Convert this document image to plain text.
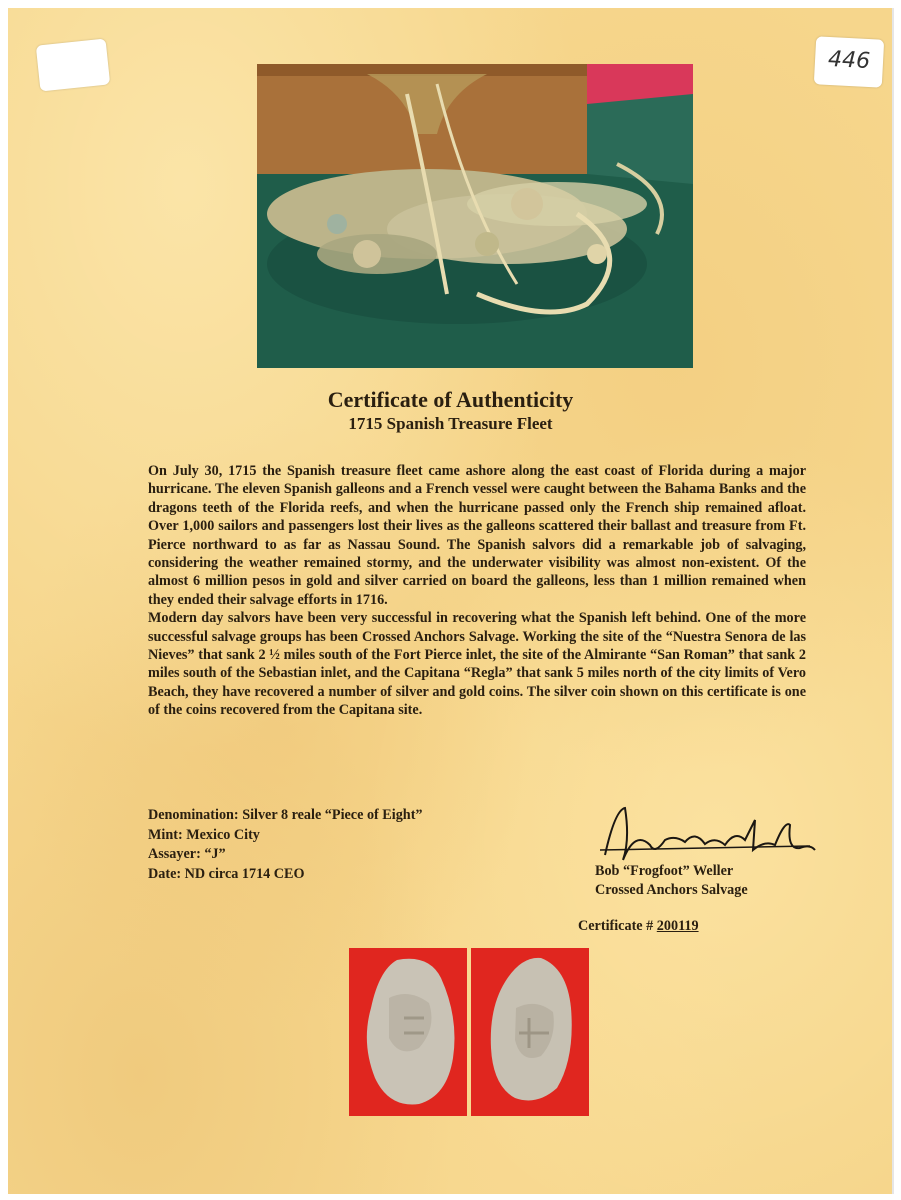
446
Certificate of Authenticity
1715 Spanish Treasure Fleet

On July 30, 1715 the Spanish treasure fleet came ashore along the east coast of Florida during a major hurricane. The eleven Spanish galleons and a French vessel were caught between the Bahama Banks and the dragons teeth of the Florida reefs, and when the hurricane passed only the French ship remained afloat. Over 1,000 sailors and passengers lost their lives as the galleons scattered their ballast and treasure from Ft. Pierce northward to as far as Nassau Sound. The Spanish salvors did a remarkable job of salvaging, considering the weather remained stormy, and the underwater visibility was almost non-existent. Of the almost 6 million pesos in gold and silver carried on board the galleons, less than 1 million remained when they ended their salvage efforts in 1716.

Modern day salvors have been very successful in recovering what the Spanish left behind. One of the more successful salvage groups has been Crossed Anchors Salvage. Working the site of the “Nuestra Senora de las Nieves” that sank 2 ½ miles south of the Fort Pierce inlet, the site of the Almirante “San Roman” that sank 2 miles south of the Sebastian inlet, and the Capitana “Regla” that sank 5 miles north of the city limits of Vero Beach, they have recovered a number of silver and gold coins. The silver coin shown on this certificate is one of the coins recovered from the Capitana site.

Denomination: Silver 8 reale “Piece of Eight”
Mint: Mexico City
Assayer: “J”
Date: ND circa 1714 CEO	Bob “Frogfoot” Weller
Crossed Anchors Salvage
Certificate # 200119
